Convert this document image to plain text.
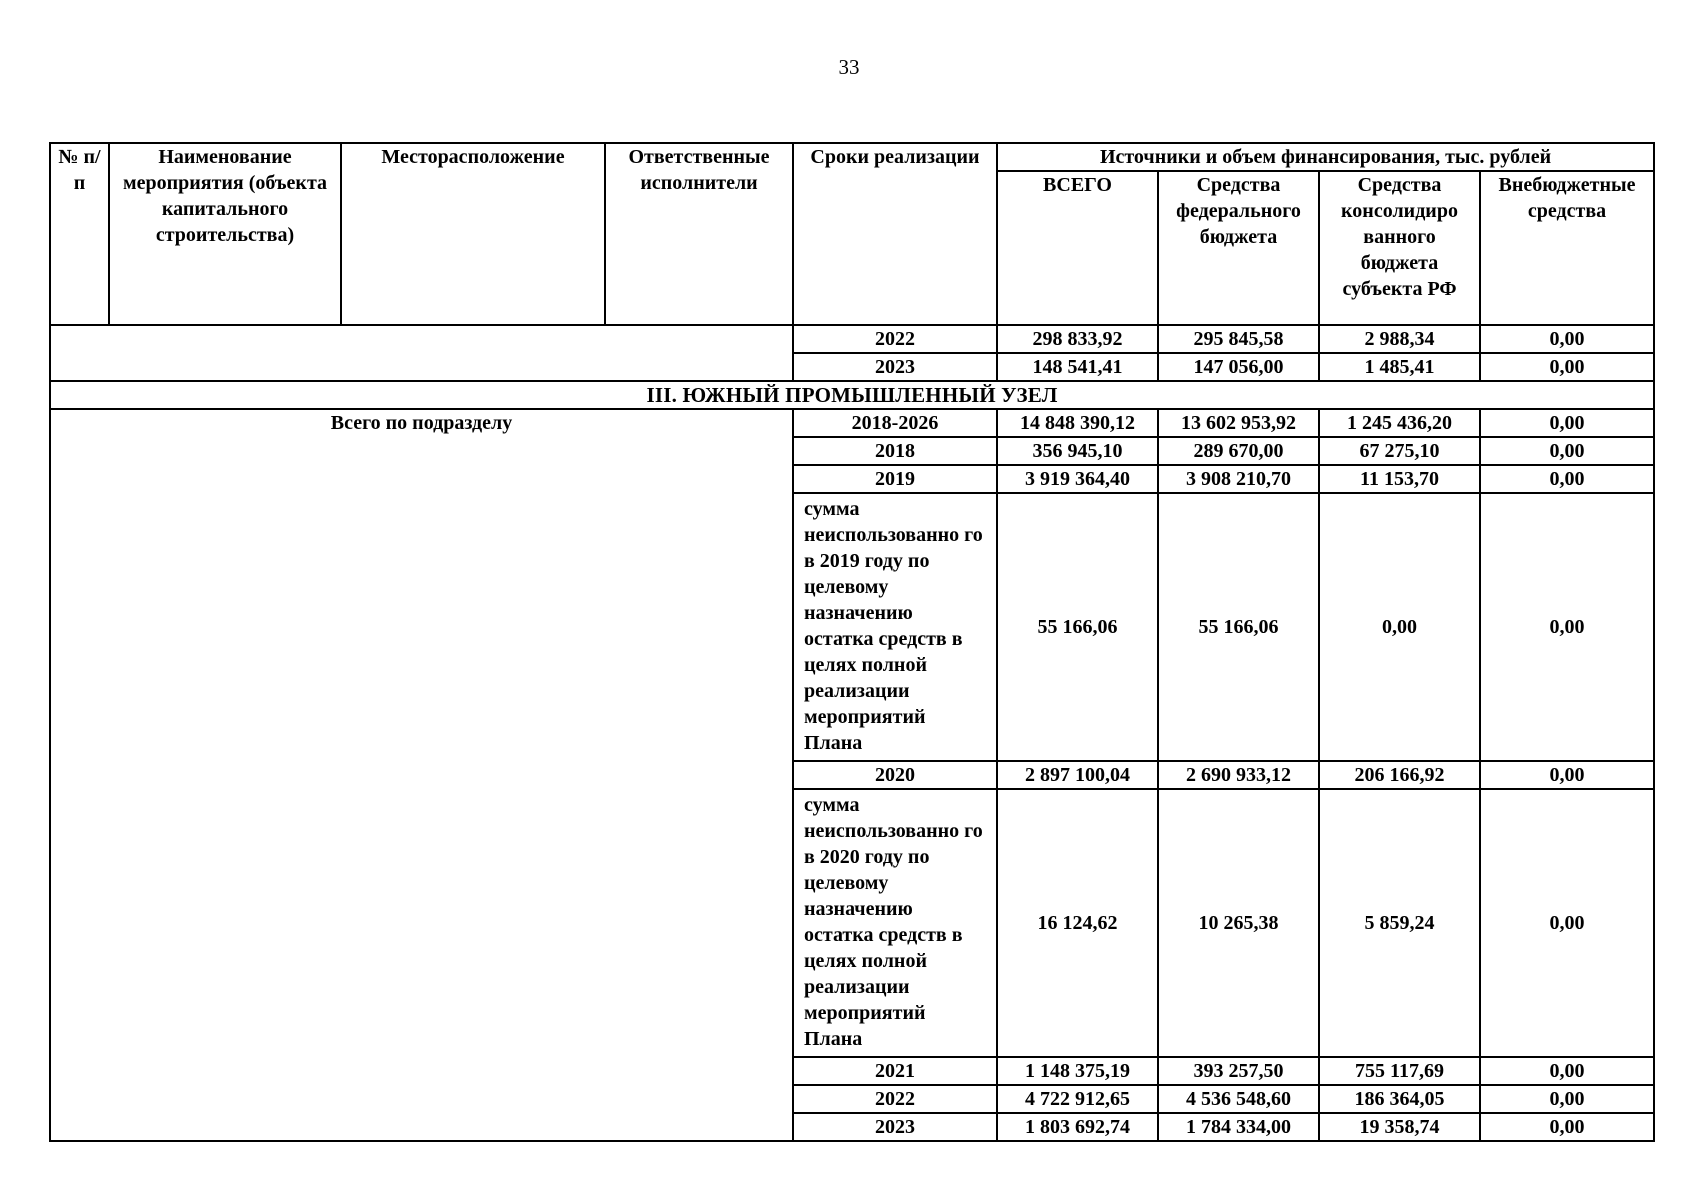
33
№ п/п	Наименование мероприятия (объекта капитального строительства)	Месторасположение	Ответственные исполнители	Сроки реализации	Источники и объем финансирования, тыс. рублей			
					ВСЕГО	Средства федерального бюджета	Средства консолидиро ванного бюджета субъекта РФ	Внебюджетные средства
				2022	298 833,92	295 845,58	2 988,34	0,00
				2023	148 541,41	147 056,00	1 485,41	0,00
III. ЮЖНЫЙ ПРОМЫШЛЕННЫЙ УЗЕЛ								
Всего по подразделу				2018-2026	14 848 390,12	13 602 953,92	1 245 436,20	0,00
				2018	356 945,10	289 670,00	67 275,10	0,00
				2019	3 919 364,40	3 908 210,70	11 153,70	0,00
				сумма неиспользованно го в 2019 году по целевому назначению остатка средств в целях полной реализации мероприятий Плана	55 166,06	55 166,06	0,00	0,00
				2020	2 897 100,04	2 690 933,12	206 166,92	0,00
				сумма неиспользованно го в 2020 году по целевому назначению остатка средств в целях полной реализации мероприятий Плана	16 124,62	10 265,38	5 859,24	0,00
				2021	1 148 375,19	393 257,50	755 117,69	0,00
				2022	4 722 912,65	4 536 548,60	186 364,05	0,00
				2023	1 803 692,74	1 784 334,00	19 358,74	0,00
